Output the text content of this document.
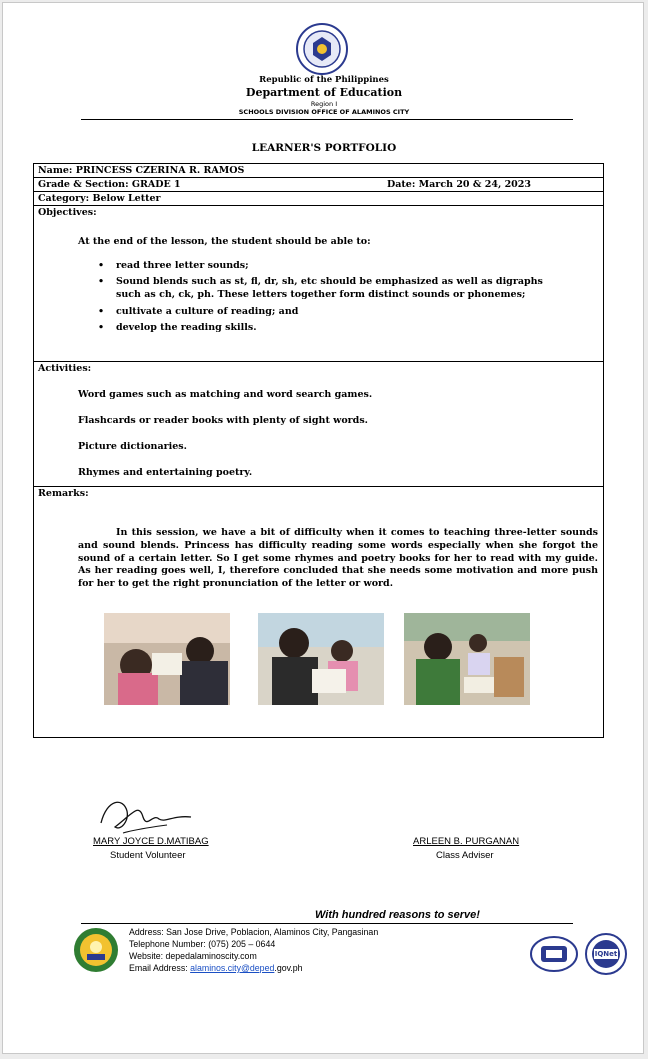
Republic of the Philippines
Department of Education
Region I
SCHOOLS DIVISION OFFICE OF ALAMINOS CITY
LEARNER'S PORTFOLIO
Name: PRINCESS CZERINA R. RAMOS
Grade & Section: GRADE 1	Date: March 20 & 24, 2023
Category: Below Letter
Objectives:
At the end of the lesson, the student should be able to:
• read three letter sounds;
• Sound blends such as st, fl, dr, sh, etc should be emphasized as well as digraphs such as ch, ck, ph. These letters together form distinct sounds or phonemes;
• cultivate a culture of reading; and
• develop the reading skills.
Activities:
Word games such as matching and word search games.
Flashcards or reader books with plenty of sight words.
Picture dictionaries.
Rhymes and entertaining poetry.
Remarks:
In this session, we have a bit of difficulty when it comes to teaching three-letter sounds and sound blends. Princess has difficulty reading some words especially when she forgot the sound of a certain letter. So I get some rhymes and poetry books for her to read with my guide. As her reading goes well, I, therefore concluded that she needs some motivation and more push for her to get the right pronunciation of the letter or word.
MARY JOYCE D.MATIBAG
Student Volunteer
ARLEEN B. PURGANAN
Class Adviser
With hundred reasons to serve!
Address: San Jose Drive, Poblacion, Alaminos City, Pangasinan
Telephone Number: (075) 205 – 0644
Website: depedalaminoscity.com
Email Address: alaminos.city@deped.gov.ph
IQNet
